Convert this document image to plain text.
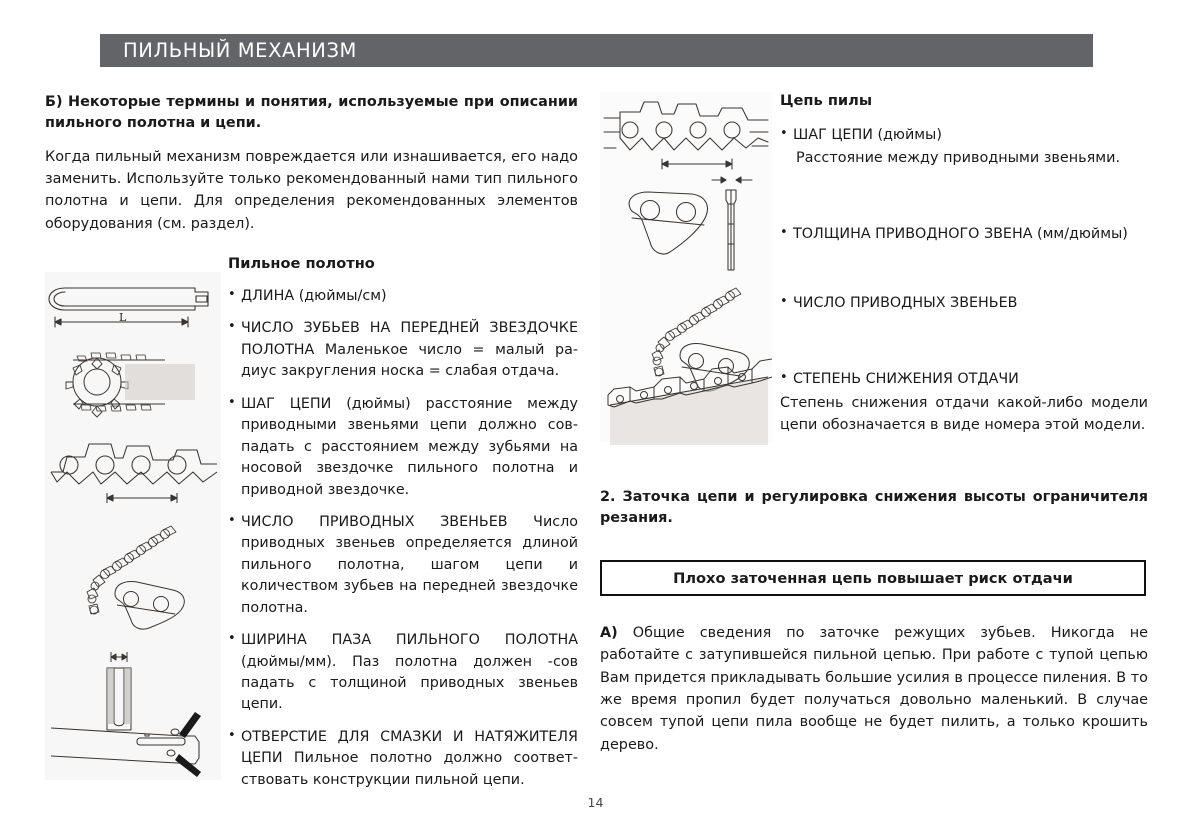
ПИЛЬНЫЙ МЕХАНИЗМ

Б) Некоторые термины и понятия, используемые при описании пильного полотна и цепи.

Когда пильный механизм повреждается или изнашивается, его надо заменить. Используйте только рекомендованный нами тип пильного полотна и цепи. Для определения рекомендованных элементов оборудования (см. раздел).

L

Пильное полотно

• ДЛИНА (дюймы/см)
• ЧИСЛО ЗУБЬЕВ НА ПЕРЕДНЕЙ ЗВЕЗДОЧКЕ ПОЛОТНА Маленькое число = малый ра-диус закругления носка = слабая отдача.
• ШАГ ЦЕПИ (дюймы) расстояние между приводными звеньями цепи должно сов-падать с расстоянием между зубьями на носовой звездочке пильного полотна и приводной звездочке.
• ЧИСЛО ПРИВОДНЫХ ЗВЕНЬЕВ Число приводных звеньев определяется длиной пильного полотна, шагом цепи и количеством зубьев на передней звездочке полотна.
• ШИРИНА ПАЗА ПИЛЬНОГО ПОЛОТНА (дюймы/мм). Паз полотна должен -сов падать с толщиной приводных звеньев цепи.
• ОТВЕРСТИЕ ДЛЯ СМАЗКИ И НАТЯЖИТЕЛЯ ЦЕПИ Пильное полотно должно соответ-ствовать конструкции пильной цепи.

Цепь пилы

• ШАГ ЦЕПИ (дюймы)

Расстояние между приводными звеньями.

• ТОЛЩИНА ПРИВОДНОГО ЗВЕНА (мм/дюймы)

• ЧИСЛО ПРИВОДНЫХ ЗВЕНЬЕВ

• СТЕПЕНЬ СНИЖЕНИЯ ОТДАЧИ

Степень снижения отдачи какой-либо модели цепи обозначается в виде номера этой модели.

2. Заточка цепи и регулировка снижения высоты ограничителя резания.

Плохо заточенная цепь повышает риск отдачи

A) Общие сведения по заточке режущих зубьев. Никогда не работайте с затупившейся пильной цепью. При работе с тупой цепью Вам придется прикладывать большие усилия в процессе пиления. В то же время пропил будет получаться довольно маленький. В случае совсем тупой цепи пила вообще не будет пилить, а только крошить дерево.

14
